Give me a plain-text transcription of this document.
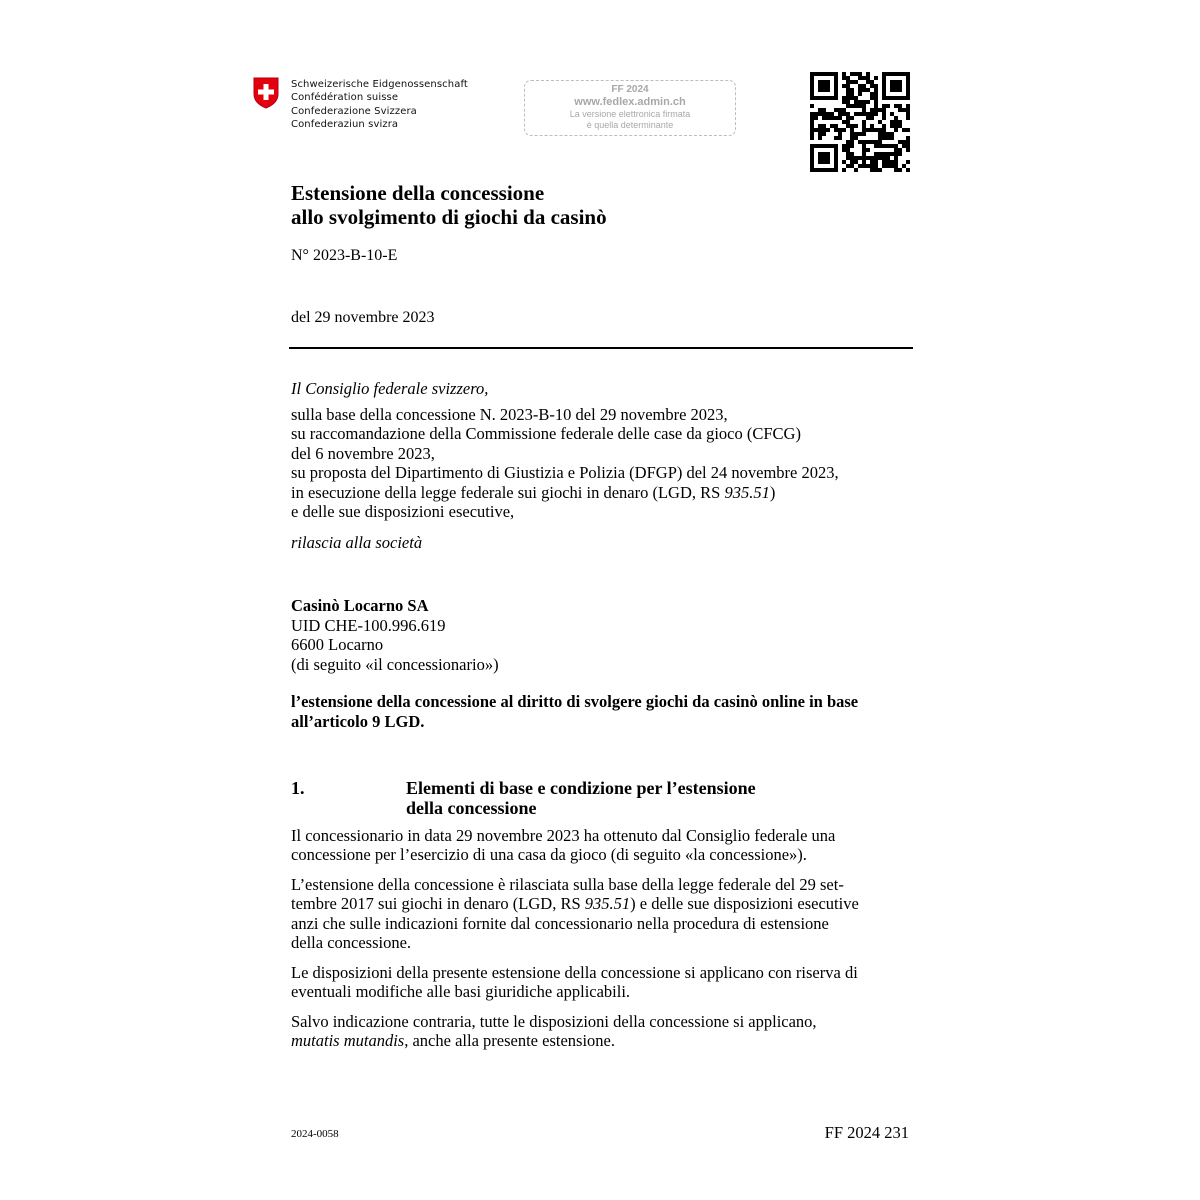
Schweizerische Eidgenossenschaft
Confédération suisse
Confederazione Svizzera
Confederaziun svizra
FF 2024
www.fedlex.admin.ch
La versione elettronica firmata
è quella determinante
Estensione della concessione
allo svolgimento di giochi da casinò
N° 2023-B-10-E
del 29 novembre 2023
Il Consiglio federale svizzero,
sulla base della concessione N. 2023-B-10 del 29 novembre 2023,
su raccomandazione della Commissione federale delle case da gioco (CFCG)
del 6 novembre 2023,
su proposta del Dipartimento di Giustizia e Polizia (DFGP) del 24 novembre 2023,
in esecuzione della legge federale sui giochi in denaro (LGD, RS 935.51)
e delle sue disposizioni esecutive,
rilascia alla società
Casinò Locarno SA
UID CHE-100.996.619
6600 Locarno
(di seguito «il concessionario»)
l’estensione della concessione al diritto di svolgere giochi da casinò online in base
all’articolo 9 LGD.
1.	Elementi di base e condizione per l’estensione
della concessione
Il concessionario in data 29 novembre 2023 ha ottenuto dal Consiglio federale una
concessione per l’esercizio di una casa da gioco (di seguito «la concessione»).
L’estensione della concessione è rilasciata sulla base della legge federale del 29 set-
tembre 2017 sui giochi in denaro (LGD, RS 935.51 ) e delle sue disposizioni esecutive
anzi che sulle indicazioni fornite dal concessionario nella procedura di estensione
della concessione.
Le disposizioni della presente estensione della concessione si applicano con riserva di
eventuali modifiche alle basi giuridiche applicabili.
Salvo indicazione contraria, tutte le disposizioni della concessione si applicano,
mutatis mutandis , anche alla presente estensione.
2024-0058	FF 2024 231
